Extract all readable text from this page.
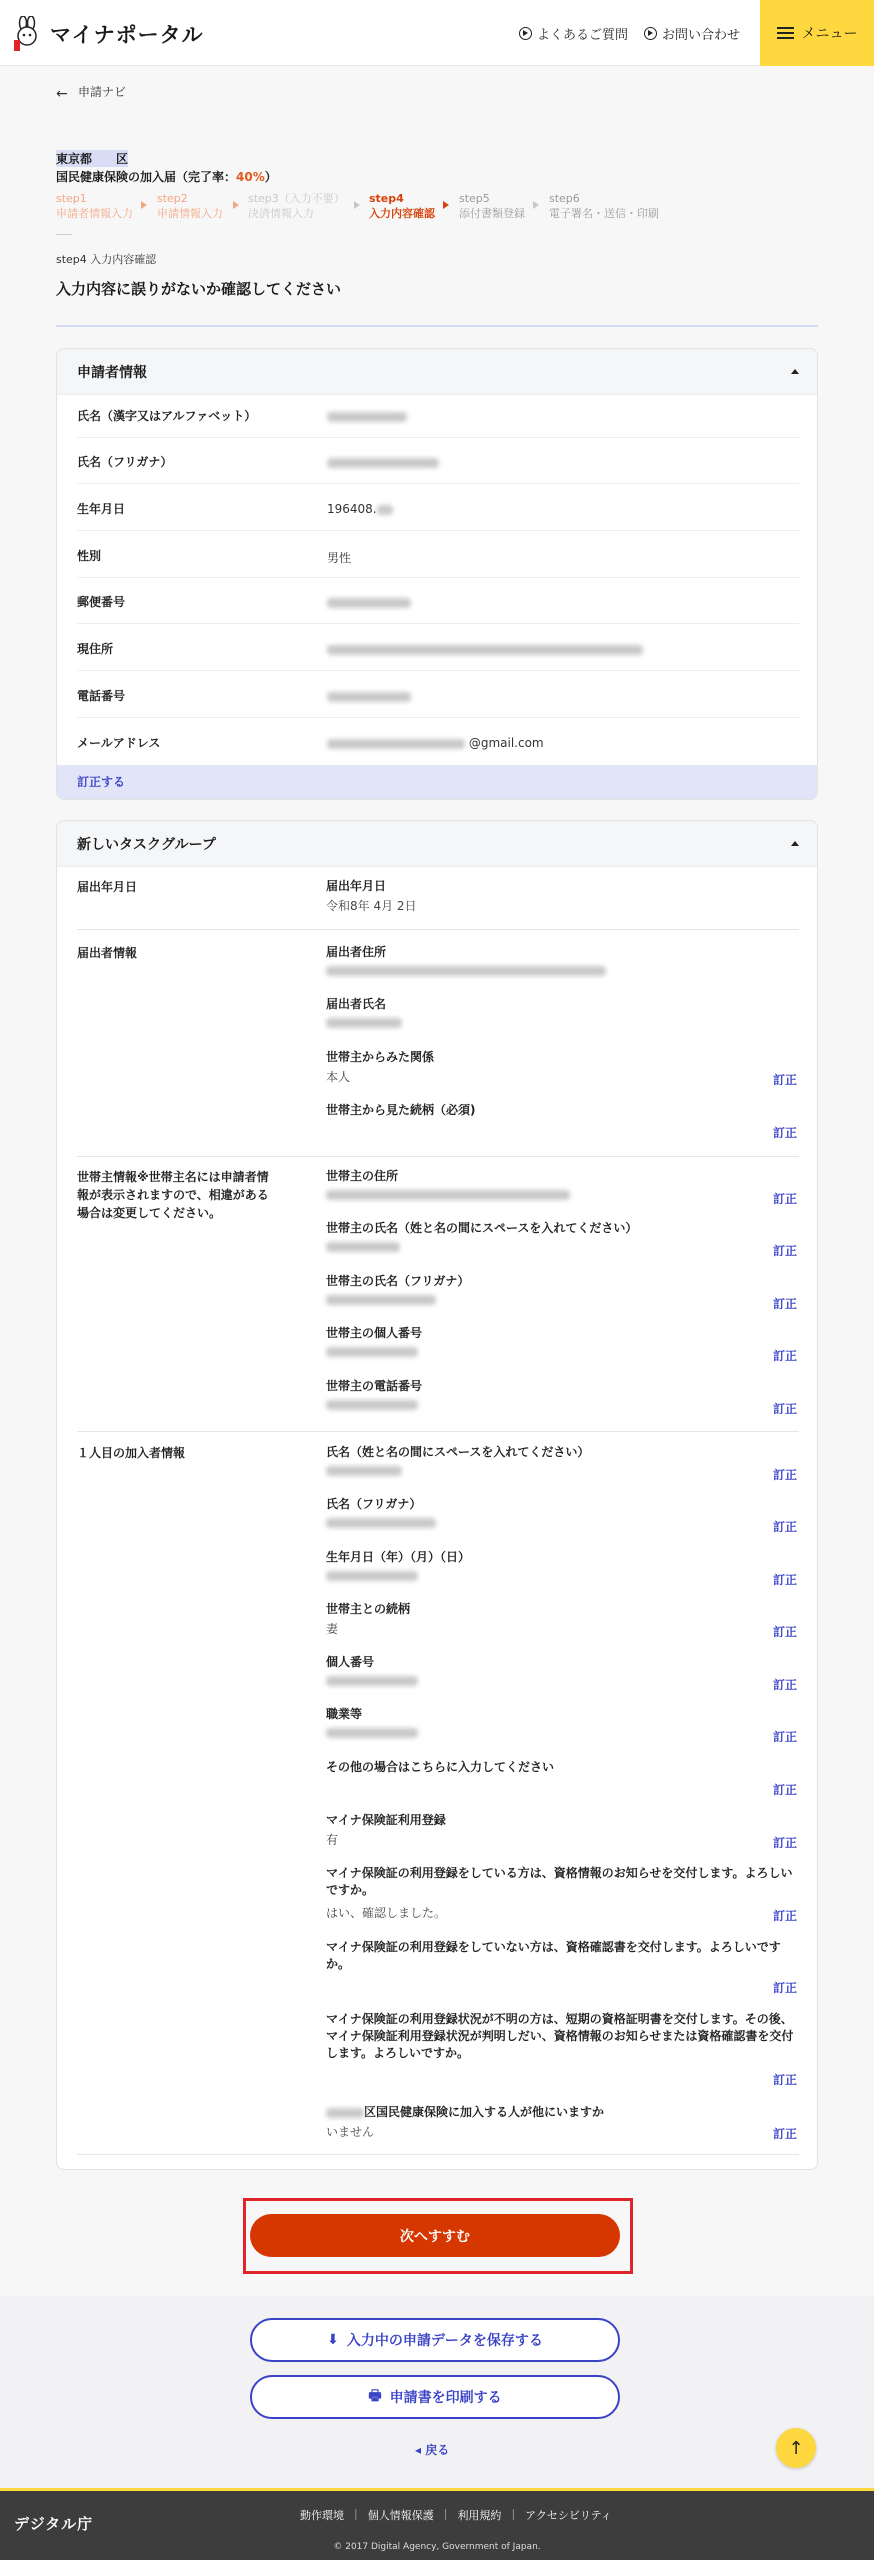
マイナポータル	よくあるご質問	お問い合わせ	メニュー
← 申請ナビ
東京都　　区
国民健康保険の加入届（完了率：40%）
step1
申請者情報入力
step2
申請情報入力
step3（入力不要）
決済情報入力
step4
入力内容確認
step5
添付書類登録
step6
電子署名・送信・印刷
step4 入力内容確認
入力内容に誤りがないか確認してください
申請者情報
氏名（漢字又はアルファベット）
氏名（フリガナ）
生年月日	196408.
性別	男性
郵便番号
現住所
電話番号
メールアドレス	@gmail.com
訂正する
新しいタスクグループ
届出年月日	届出年月日
令和8年 4月 2日
届出者情報	届出者住所
届出者氏名
世帯主からみた関係
本人	訂正
世帯主から見た続柄（必須)
訂正
世帯主情報※世帯主名には申請者情報が表示されますので、相違がある場合は変更してください。
世帯主の住所
訂正
世帯主の氏名（姓と名の間にスペースを入れてください）
訂正
世帯主の氏名（フリガナ）
訂正
世帯主の個人番号
訂正
世帯主の電話番号
訂正
１人目の加入者情報	氏名（姓と名の間にスペースを入れてください）
訂正
氏名（フリガナ）
訂正
生年月日（年）（月）（日）
訂正
世帯主との続柄
妻	訂正
個人番号
訂正
職業等
訂正
その他の場合はこちらに入力してください
訂正
マイナ保険証利用登録
有	訂正
マイナ保険証の利用登録をしている方は、資格情報のお知らせを交付します。よろしいですか。
はい、確認しました。	訂正
マイナ保険証の利用登録をしていない方は、資格確認書を交付します。よろしいですか。
訂正
マイナ保険証の利用登録状況が不明の方は、短期の資格証明書を交付します。その後、マイナ保険証利用登録状況が判明しだい、資格情報のお知らせまたは資格確認書を交付します。よろしいですか。
訂正
区国民健康保険に加入する人が他にいますか
いません	訂正
次へすすむ
⬇ 入力中の申請データを保存する
🖶 申請書を印刷する
◂ 戻る	↑
デジタル庁	動作環境 | 個人情報保護 | 利用規約 | アクセシビリティ
© 2017 Digital Agency, Government of Japan.
